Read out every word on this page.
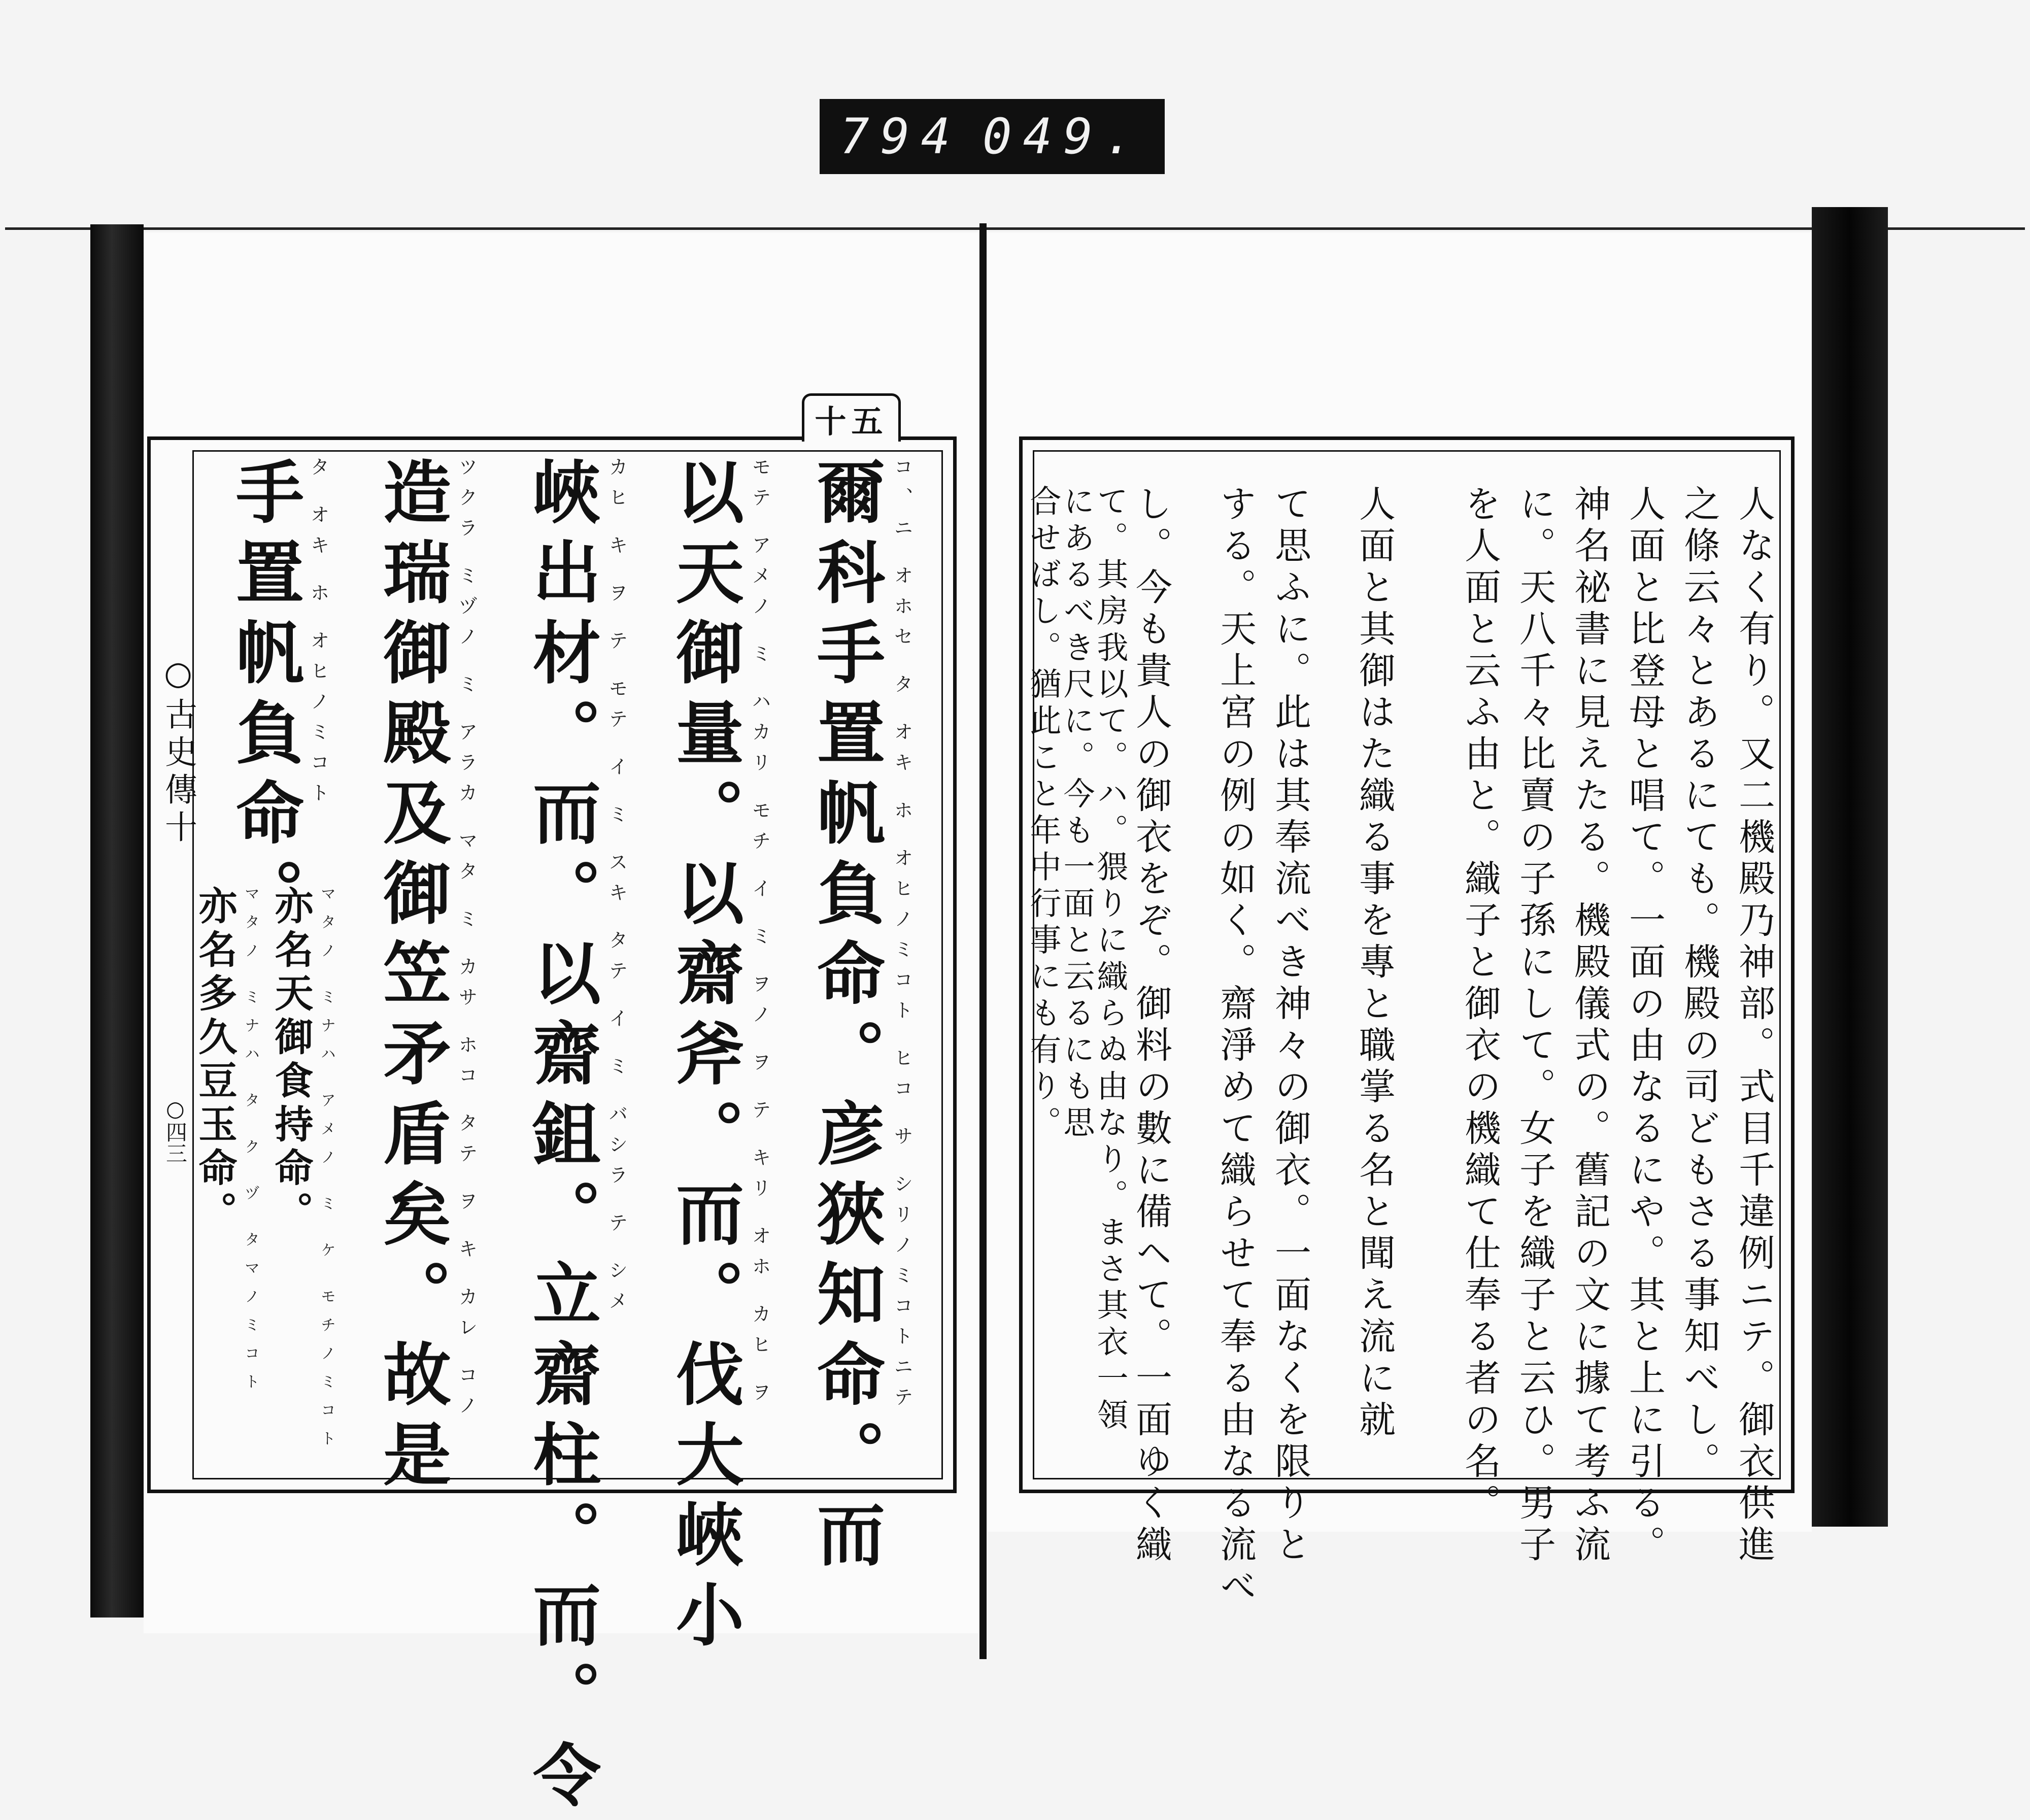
794 049.
十五
○古史傳十
○四三	爾科手置帆負命。彦狹知命。而 コ、ニ オホセ タ オキ ホ オヒノミコト ヒコ サ シリノミコトニテ
以天御量。以齋斧。而。伐大峽小 モテ アメノ ミ ハカリ モチ イ ミ ヲノ ヲ テ キリ オホ カヒ ヲ
峽出材。而。以齋鉏。立齋柱。而。令 カヒ キ ヲ テ モテ イ ミ スキ タテ イ ミ バシラ テ シメ
造瑞御殿及御笠矛盾矣。故是 ツクラ ミヅノ ミ アラカ マタ ミ カサ ホコ タテ ヲ キ カレ コノ
手置帆負命。 タ オキ ホ オヒノミコト
亦名天御食持命。 マタノ ミナハ アメノ ミ ケ モチノミコト
亦名多久豆玉命。 マタノ ミナハ タ ク ヅ タマノミコト	人なく有り。又二機殿乃神部。式目千違例ニテ。御衣供進
之條云々とあるにても。機殿の司どもさる事知べし。
人面と比登母と唱て。一面の由なるにや。其と上に引る。
神名祕書に見えたる。機殿儀式の。舊記の文に據て考ふ流
に。天八千々比賣の子孫にして。女子を織子と云ひ。男子
を人面と云ふ由と。織子と御衣の機織て仕奉る者の名。
人面と其御はた織る事を專と職掌る名と聞え流に就
て思ふに。此は其奉流べき神々の御衣。一面なくを限りと
する。天上宮の例の如く。齋淨めて織らせて奉る由なる流べ
し。今も貴人の御衣をぞ。御料の數に備ヘて。一面ゆく織
て。其房我以て。ハ。猥りに織らぬ由なり。まさ其衣一領
にあるべき尺に。今も一面と云るにも思
合せばし。猶此こと年中行事にも有り。
